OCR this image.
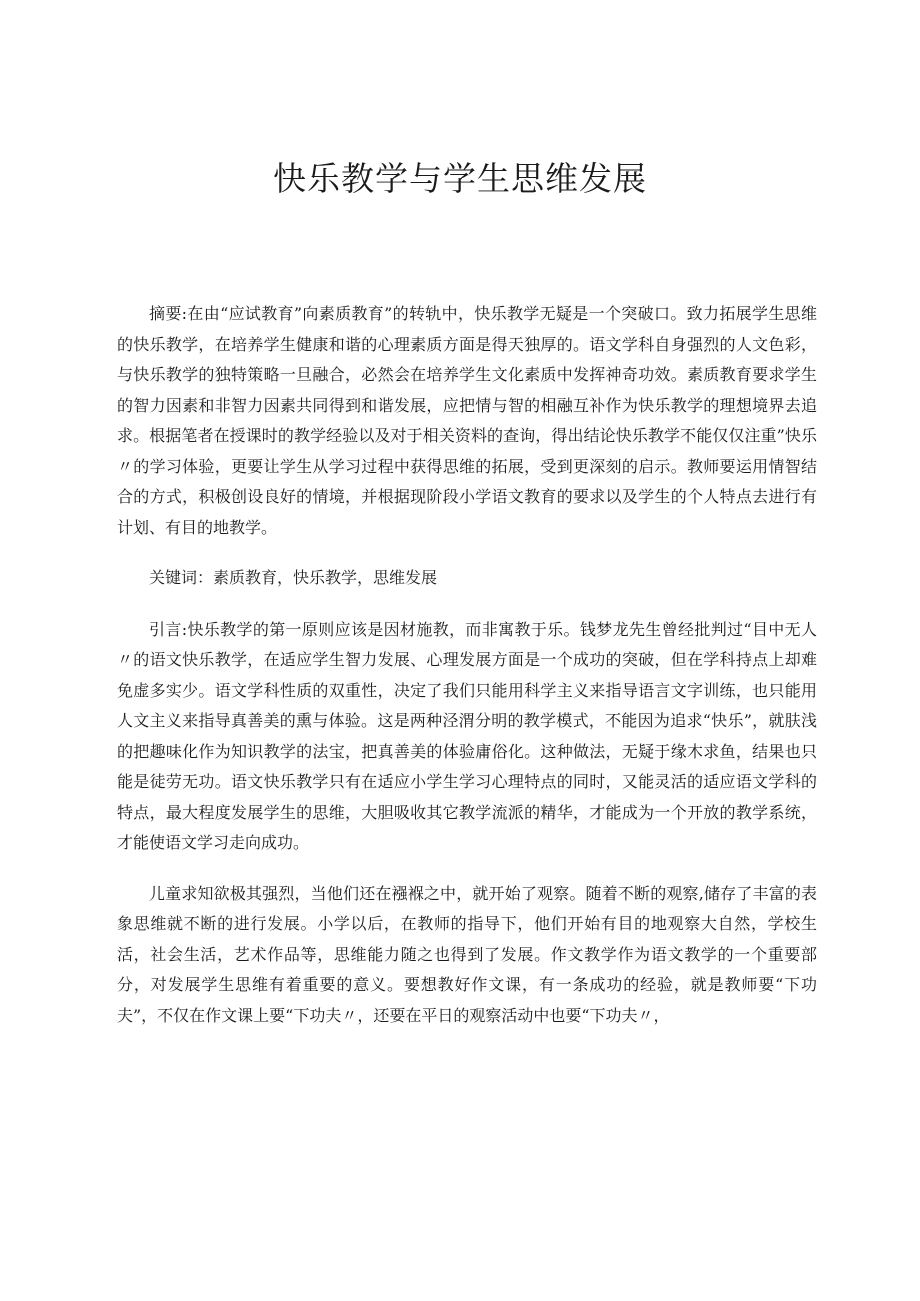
快乐教学与学生思维发展

摘要:在由“应试教育”向素质教育”的转轨中，快乐教学无疑是一个突破口。致力拓展学生思维的快乐教学，在培养学生健康和谐的心理素质方面是得天独厚的。语文学科自身强烈的人文色彩，与快乐教学的独特策略一旦融合，必然会在培养学生文化素质中发挥神奇功效。素质教育要求学生的智力因素和非智力因素共同得到和谐发展，应把情与智的相融互补作为快乐教学的理想境界去追求。根据笔者在授课时的教学经验以及对于相关资料的查询，得出结论快乐教学不能仅仅注重”快乐〃的学习体验，更要让学生从学习过程中获得思维的拓展，受到更深刻的启示。教师要运用情智结合的方式，积极创设良好的情境，并根据现阶段小学语文教育的要求以及学生的个人特点去进行有计划、有目的地教学。

关键词：素质教育，快乐教学，思维发展

引言:快乐教学的第一原则应该是因材施教，而非寓教于乐。钱梦龙先生曾经批判过“目中无人〃的语文快乐教学，在适应学生智力发展、心理发展方面是一个成功的突破，但在学科持点上却难免虚多实少。语文学科性质的双重性，决定了我们只能用科学主义来指导语言文字训练，也只能用人文主义来指导真善美的熏与体验。这是两种泾渭分明的教学模式，不能因为追求“快乐”，就肤浅的把趣味化作为知识教学的法宝，把真善美的体验庸俗化。这种做法，无疑于缘木求鱼，结果也只能是徒劳无功。语文快乐教学只有在适应小学生学习心理特点的同时，又能灵活的适应语文学科的特点，最大程度发展学生的思维，大胆吸收其它教学流派的精华，才能成为一个开放的教学系统，才能使语文学习走向成功。

儿童求知欲极其强烈，当他们还在襁褓之中，就开始了观察。随着不断的观察,储存了丰富的表象思维就不断的进行发展。小学以后，在教师的指导下，他们开始有目的地观察大自然，学校生活，社会生活，艺术作品等，思维能力随之也得到了发展。作文教学作为语文教学的一个重要部分，对发展学生思维有着重要的意义。要想教好作文课，有一条成功的经验，就是教师要“下功夫”，不仅在作文课上要“下功夫〃，还要在平日的观察活动中也要“下功夫〃，
